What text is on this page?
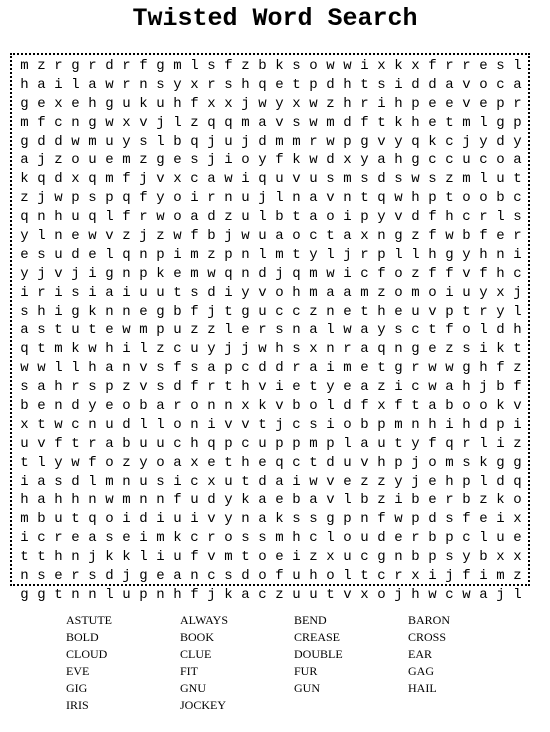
Twisted Word Search
m z r g r d r f g m l s f z b k s o w w i x k x f r r e s l
h a i l a w r n s y x r s h q e t p d h t s i d d a v o c a
g e x e h g u k u h f x x j w y x w z h r i h p e e v e p r
m f c n g w x v j l z q q m a v s w m d f t k h e t m l g p
g d d w m u y s l b q j u j d m m r w p g v y q k c j y d y
a j z o u e m z g e s j i o y f k w d x y a h g c c u c o a
k q d x q m f j v x c a w i q u v u s m s d s w s z m l u t
z j w p s p q f y o i r n u j l n a v n t q w h p t o o b c
q n h u q l f r w o a d z u l b t a o i p y v d f h c r l s
y l n e w v z j z w f b j w u a o c t a x n g z f w b f e r
e s u d e l q n p i m z p n l m t y l j r p l l h g y h n i
y j v j i g n p k e m w q n d j q m w i c f o z f f v f h c
i r i s i a i u u t s d i y v o h m a a m z o m o i u y x j
s h i g k n n e g b f j t g u c c z n e t h e u v p t r y l
a s t u t e w m p u z z l e r s n a l w a y s c t f o l d h
q t m k w h i l z c u y j j w h s x n r a q n g e z s i k t
w w l l h a n v s f s a p c d d r a i m e t g r w w g h f z
s a h r s p z v s d f r t h v i e t y e a z i c w a h j b f
b e n d y e o b a r o n n x k v b o l d f x f t a b o o k v
x t w c n u d l l o n i v v t j c s i o b p m n h i h d p i
u v f t r a b u u c h q p c u p p m p l a u t y f q r l i z
t l y w f o z y o a x e t h e q c t d u v h p j o m s k g g
i a s d l m n u s i c x u t d a i w v e z z y j e h p l d q
h a h h n w m n n f u d y k a e b a v l b z i b e r b z k o
m b u t q o i d i u i v y n a k s s g p n f w p d s f e i x
i c r e a s e i m k c r o s s m h c l o u d e r b p c l u e
t t h n j k k l i u f v m t o e i z x u c g n b p s y b x x
n s e r s d j g e a n c s d o f u h o l t c r x i j f i m z
g g t n n l u p n h f j k a c z u u t v x o j h w c w a j l
ASTUTE	ALWAYS	BEND	BARON
BOLD	BOOK	CREASE	CROSS
CLOUD	CLUE	DOUBLE	EAR
EVE	FIT	FUR	GAG
GIG	GNU	GUN	HAIL
IRIS	JOCKEY
